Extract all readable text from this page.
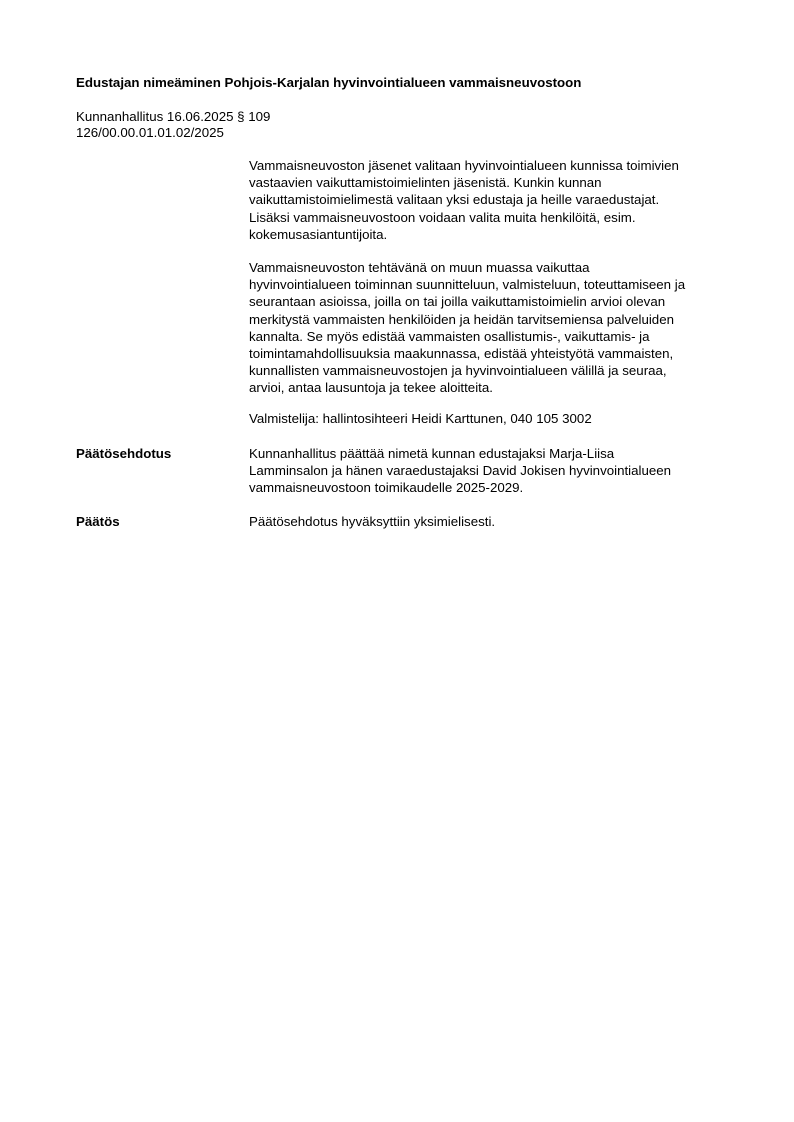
Edustajan nimeäminen Pohjois-Karjalan hyvinvointialueen vammaisneuvostoon
Kunnanhallitus 16.06.2025 § 109
126/00.00.01.01.02/2025
Vammaisneuvoston jäsenet valitaan hyvinvointialueen kunnissa toimivien
vastaavien vaikuttamistoimielinten jäsenistä. Kunkin kunnan
vaikuttamistoimielimestä valitaan yksi edustaja ja heille varaedustajat.
Lisäksi vammaisneuvostoon voidaan valita muita henkilöitä, esim.
kokemusasiantuntijoita.
Vammaisneuvoston tehtävänä on muun muassa vaikuttaa
hyvinvointialueen toiminnan suunnitteluun, valmisteluun, toteuttamiseen ja
seurantaan asioissa, joilla on tai joilla vaikuttamistoimielin arvioi olevan
merkitystä vammaisten henkilöiden ja heidän tarvitsemiensa palveluiden
kannalta. Se myös edistää vammaisten osallistumis-, vaikuttamis- ja
toimintamahdollisuuksia maakunnassa, edistää yhteistyötä vammaisten,
kunnallisten vammaisneuvostojen ja hyvinvointialueen välillä ja seuraa,
arvioi, antaa lausuntoja ja tekee aloitteita.
Valmistelija: hallintosihteeri Heidi Karttunen, 040 105 3002
Päätösehdotus	Kunnanhallitus päättää nimetä kunnan edustajaksi Marja-Liisa
Lamminsalon ja hänen varaedustajaksi David Jokisen hyvinvointialueen
vammaisneuvostoon toimikaudelle 2025-2029.
Päätös	Päätösehdotus hyväksyttiin yksimielisesti.
